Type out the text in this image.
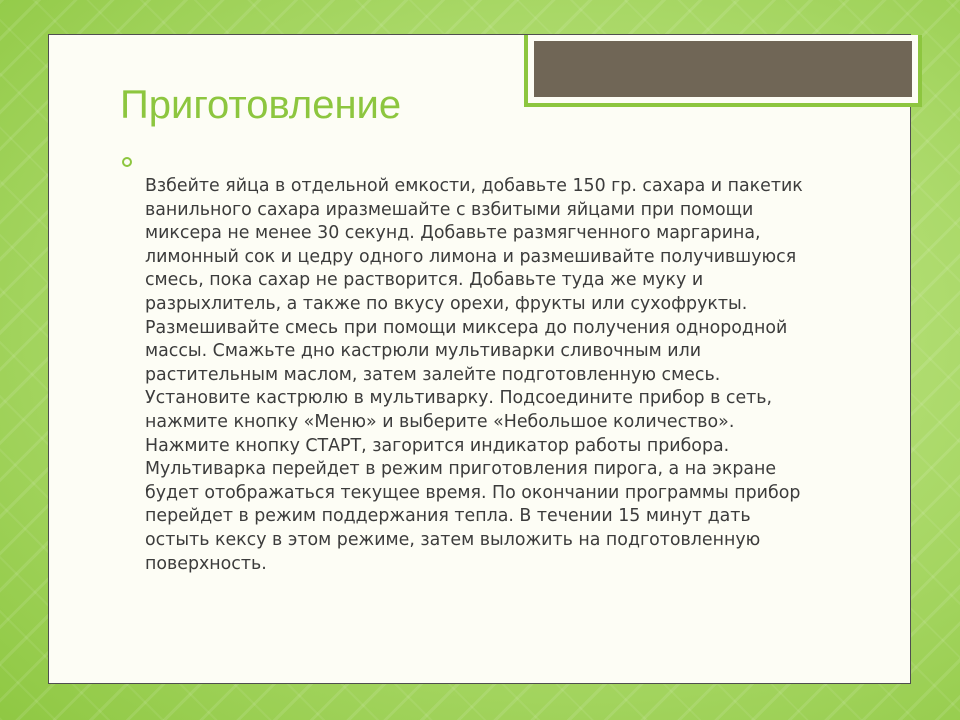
Приготовление

Взбейте яйца в отдельной емкости, добавьте 150 гр. сахара и пакетик ванильного сахара иразмешайте с взбитыми яйцами при помощи миксера не менее 30 секунд. Добавьте размягченного маргарина, лимонный сок и цедру одного лимона и размешивайте получившуюся смесь, пока сахар не растворится. Добавьте туда же муку и разрыхлитель, а также по вкусу орехи, фрукты или сухофрукты. Размешивайте смесь при помощи миксера до получения однородной массы. Смажьте дно кастрюли мультиварки сливочным или растительным маслом, затем залейте подготовленную смесь. Установите кастрюлю в мультиварку. Подсоедините прибор в сеть, нажмите кнопку «Меню» и выберите «Небольшое количество». Нажмите кнопку СТАРТ, загорится индикатор работы прибора. Мультиварка перейдет в режим приготовления пирога, а на экране будет отображаться текущее время. По окончании программы прибор перейдет в режим поддержания тепла. В течении 15 минут дать остыть кексу в этом режиме, затем выложить на подготовленную поверхность.
